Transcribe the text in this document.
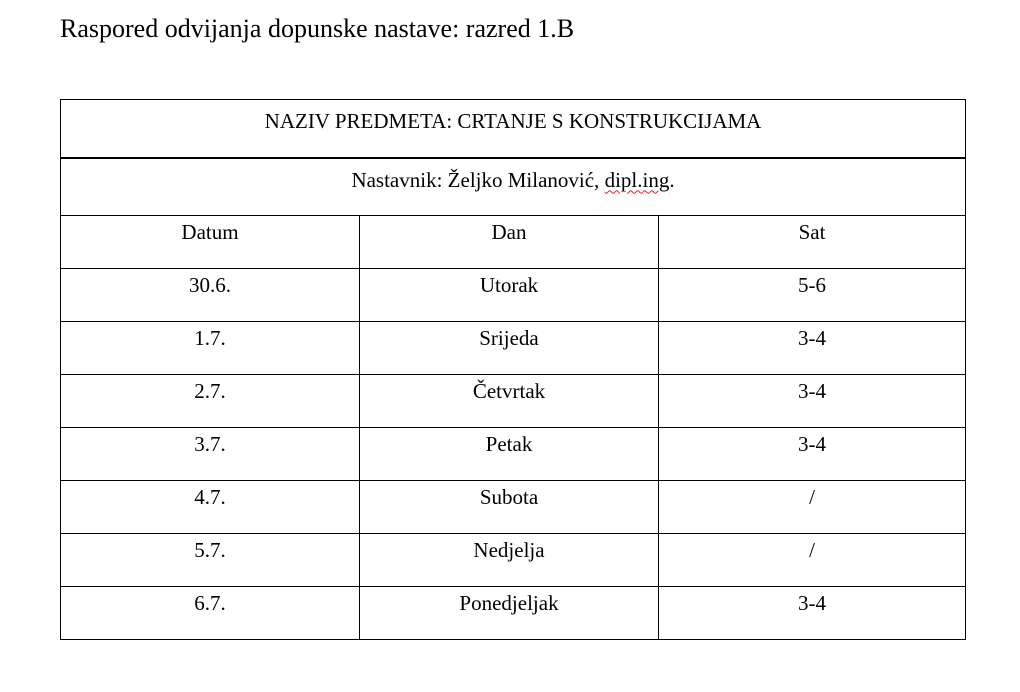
Raspored odvijanja dopunske nastave: razred 1.B
NAZIV PREDMETA: CRTANJE S KONSTRUKCIJAMA		
Nastavnik: Željko Milanović, dipl.ing.		
Datum	Dan	Sat
30.6.	Utorak	5-6
1.7.	Srijeda	3-4
2.7.	Četvrtak	3-4
3.7.	Petak	3-4
4.7.	Subota	/
5.7.	Nedjelja	/
6.7.	Ponedjeljak	3-4
